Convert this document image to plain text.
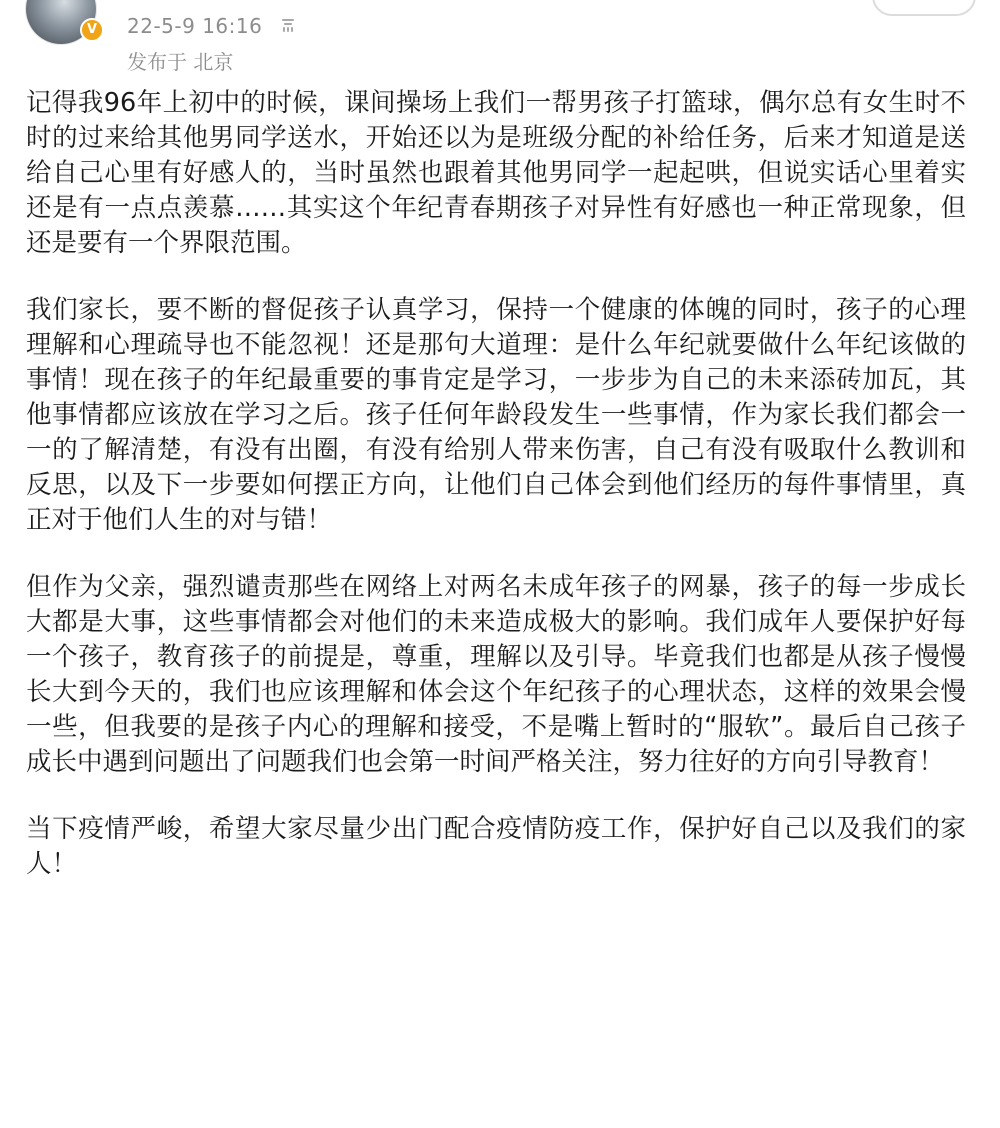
V	22-5-9 16:16
发布于 北京

记得我96年上初中的时候，课间操场上我们一帮男孩子打篮球，偶尔总有女生时不时的过来给其他男同学送水，开始还以为是班级分配的补给任务，后来才知道是送给自己心里有好感人的，当时虽然也跟着其他男同学一起起哄，但说实话心里着实还是有一点点羡慕……其实这个年纪青春期孩子对异性有好感也一种正常现象，但还是要有一个界限范围。

我们家长，要不断的督促孩子认真学习，保持一个健康的体魄的同时，孩子的心理理解和心理疏导也不能忽视！还是那句大道理：是什么年纪就要做什么年纪该做的事情！现在孩子的年纪最重要的事肯定是学习，一步步为自己的未来添砖加瓦，其他事情都应该放在学习之后。孩子任何年龄段发生一些事情，作为家长我们都会一一的了解清楚，有没有出圈，有没有给别人带来伤害，自己有没有吸取什么教训和反思，以及下一步要如何摆正方向，让他们自己体会到他们经历的每件事情里，真正对于他们人生的对与错！

但作为父亲，强烈谴责那些在网络上对两名未成年孩子的网暴，孩子的每一步成长大都是大事，这些事情都会对他们的未来造成极大的影响。我们成年人要保护好每一个孩子，教育孩子的前提是，尊重，理解以及引导。毕竟我们也都是从孩子慢慢长大到今天的，我们也应该理解和体会这个年纪孩子的心理状态，这样的效果会慢一些，但我要的是孩子内心的理解和接受，不是嘴上暂时的“服软”。最后自己孩子成长中遇到问题出了问题我们也会第一时间严格关注，努力往好的方向引导教育！

当下疫情严峻，希望大家尽量少出门配合疫情防疫工作，保护好自己以及我们的家人！
